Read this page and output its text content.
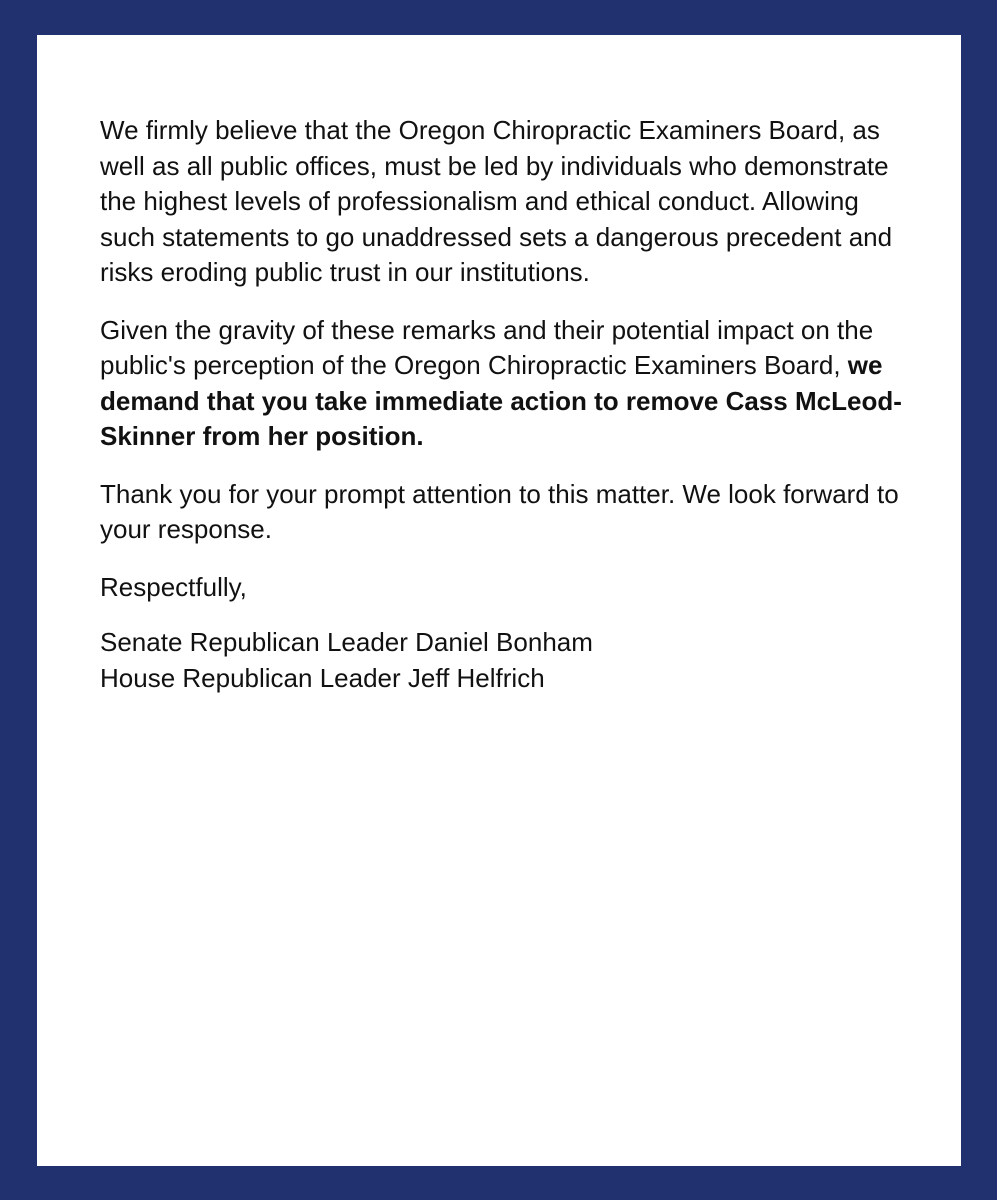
We firmly believe that the Oregon Chiropractic Examiners Board, as well as all public offices, must be led by individuals who demonstrate the highest levels of professionalism and ethical conduct. Allowing such statements to go unaddressed sets a dangerous precedent and risks eroding public trust in our institutions.

Given the gravity of these remarks and their potential impact on the public's perception of the Oregon Chiropractic Examiners Board, we demand that you take immediate action to remove Cass McLeod-Skinner from her position.

Thank you for your prompt attention to this matter. We look forward to your response.

Respectfully,

Senate Republican Leader Daniel Bonham
House Republican Leader Jeff Helfrich
